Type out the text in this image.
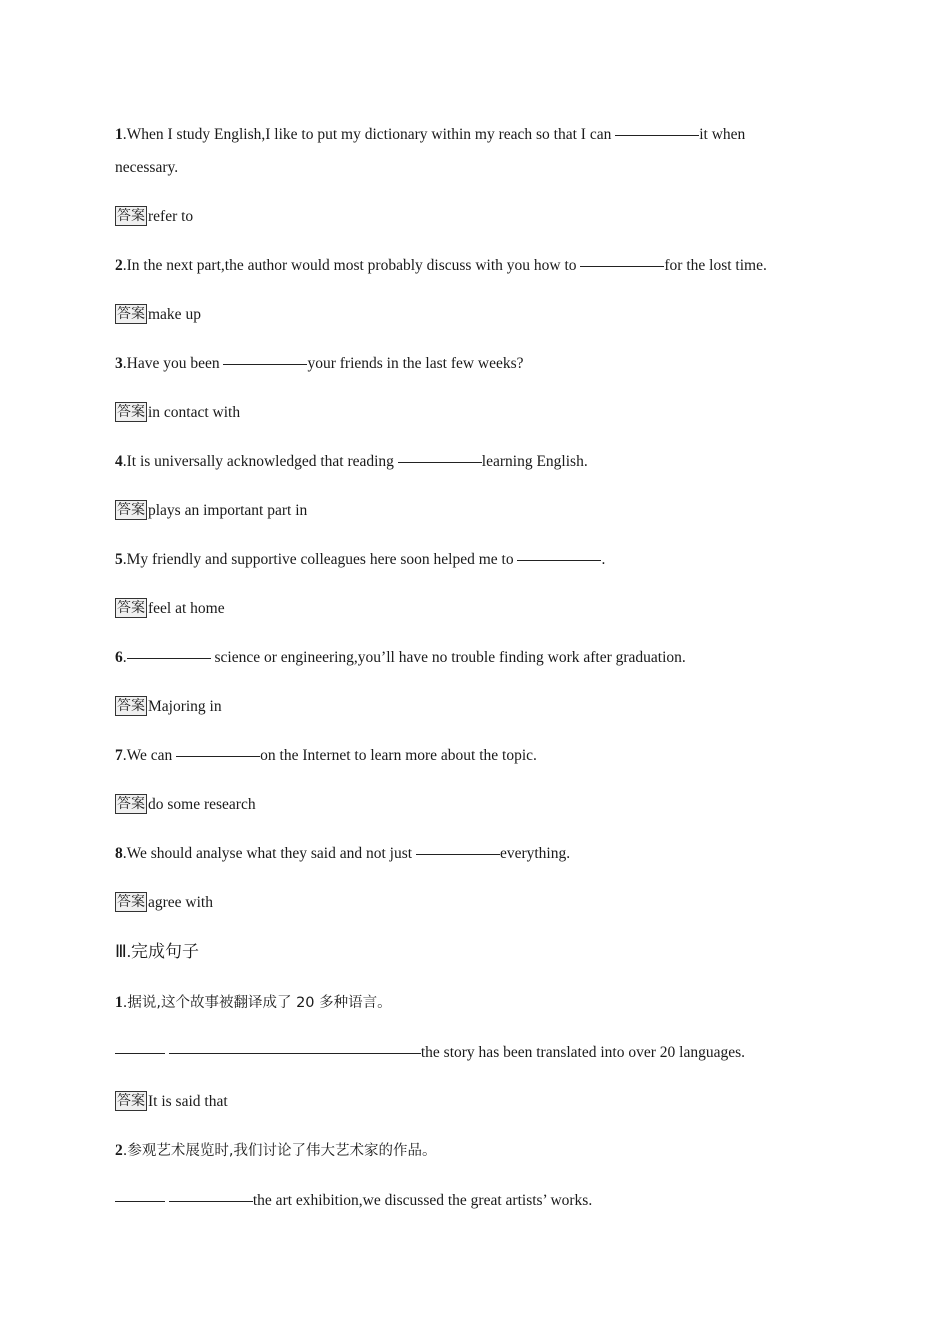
1.When I study English,I like to put my dictionary within my reach so that I can	it when necessary.

答案 refer to

2.In the next part,the author would most probably discuss with you how to	for the lost time.

答案 make up

3.Have you been	your friends in the last few weeks?

答案 in contact with

4.It is universally acknowledged that reading	learning English.

答案 plays an important part in

5.My friendly and supportive colleagues here soon helped me to	.

答案 feel at home

6.	science or engineering,you’ll have no trouble finding work after graduation.

答案 Majoring in

7.We can	on the Internet to learn more about the topic.

答案 do some research

8.We should analyse what they said and not just	everything.

答案 agree with

Ⅲ.完成句子

1.据说,这个故事被翻译成了 20 多种语言。

the story has been translated into over 20 languages.

答案 It is said that

2.参观艺术展览时,我们讨论了伟大艺术家的作品。

the art exhibition,we discussed the great artists’ works.
